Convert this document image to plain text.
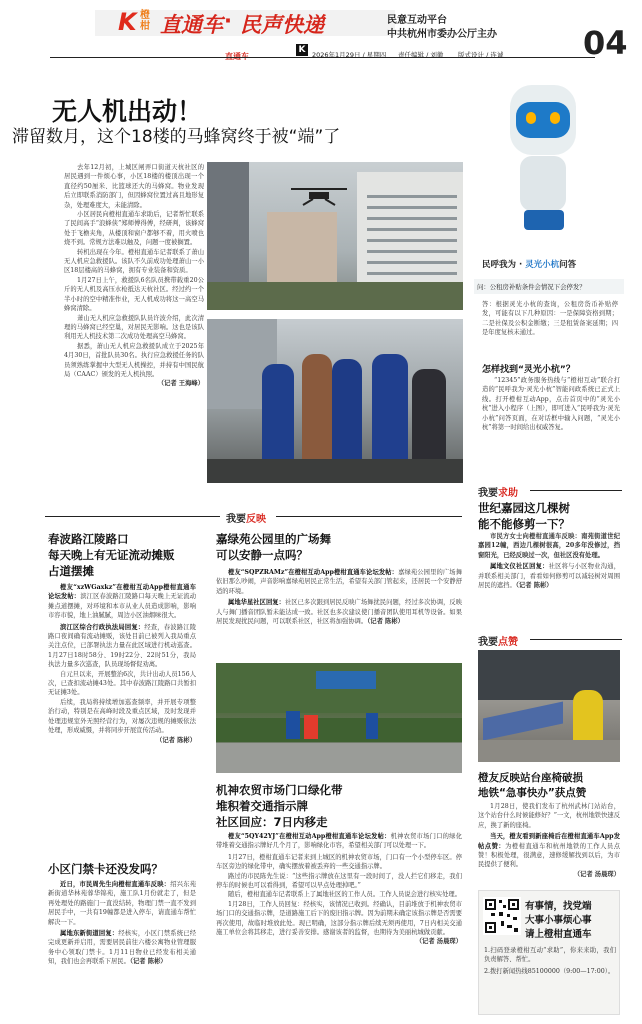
K 橙柑 直通车 · 民声快递	民意互动平台
中共杭州市委办公厅主办
K	2026年1月29日 / 星期四 责任编辑 / 刘徽 版式设计 / 连诚 04
无人机出动！
滞留数月，这个18楼的马蜂窝终于被“端”了

去年12月初，上城区闸弄口街道天杭社区的居民遇到一件烦心事，小区18楼的楼顶出现一个直径约50厘米、比篮球还大的马蜂窝。物业发现后立即联系消防部门，但因蜂窝位置过高且地形复杂，处理难度大，未能清除。

小区居民向橙柑直通车求助后，记者帮忙联系了民间高手“浪蜂侠”郑师傅得傅，经研判，该蜂窝处于飞檐夹角，从楼顶和窗户都够不着，用火喷也烧不到。常规方法难以触及，问题一度被搁置。

转机出现在今年。橙柑直通车记者联系了萧山无人机应急救援队。该队不久前成功处理萧山一小区18层楼高的马蜂窝，拥有专业装备和资质。

1月27日上午，救援队6名队员携带载重20公斤的无人机及高压水枪抵达天杭社区。经过约一个半小时的空中精准作业，无人机成功将这一高空马蜂窝清除。

萧山无人机应急救援队队员许波介绍，此次清理的马蜂窝已经空巢，对居民无影响。这也是该队利用无人机技术第二次成功处理高空马蜂窝。

据悉，萧山无人机应急救援队成立于2025年4月30日，首批队员30名。执行应急救援任务的队员须熟练掌握中大型无人机操控，并持有中国民航局（CAAC）颁发的无人机执照。

（记者 王海峰）

民呼我为 · 灵光小杭问答
问：公租房补贴条件会情况下会停发？
答：根据灵光小杭的查询，公租房货币补贴停发，可能有以下几种原因：一是保障资格到期；二是社保及公积金断缴；三是租赁备案延期；四是年度复核未通过。
怎样找到“灵光小杭”？
“12345”政务服务热线与“橙柑互动”联合打造的“民呼我为·灵光小杭”智能问政系统已正式上线。打开橙柑互动App，点击首页中的“灵光小杭”进入小程序（上图），即可进入“民呼我为·灵光小杭”问答页面，在对话框中输入问题，“灵光小杭”将第一时间给出权威答复。
我要反映
我要求助
我要点赞
世纪嘉园这几棵树
能不能修剪一下？

市民方女士向橙柑直通车反映：南苑街道世纪嘉园12幢，西边几棵树很高，20多年没修过，挡窗阳光，已经反映过一次，但社区没有处理。

属地文仪社区回复：社区将与小区物业沟通，并联系相关部门，看看如何修剪可以减轻树对周围居民的遮挡。（记者 陈彬）

春波路江陵路口
每天晚上有无证流动摊贩
占道摆摊

橙友“xzWGaxkz”在橙柑互动App橙柑直通车论坛发帖：滨江区春波路江陵路口每天晚上无证流动摊点道摆摊，对环境和本市从业人员造成影响，影响市容市貌，地上油腻腻，周边小区油烟味很大。

滨江区综合行政执法局回复：经查，春波路江陵路口夜间确有流动摊贩，该处目前已被列入我局重点关注点位，已部署执法力量在此区域进行机动巡查。1月27日18时58分、19时22分、22时51分，我局执法力量多次巡查，队员现场督促劝离。

自元旦以来，开展整治6次，共计出动人员156人次，已查扣流动摊43处。其中春波路江陵路口共暂扣无证摊3处。

后续，我局将持续增加巡查频率，并开展专项整治行动，特别是在高峰时段及重点区域，及时发现并处理违规室外无照经营行为，对屡次违规的摊贩依法处理，形成威慑，并将同步开展宣传活动。

（记者 陈彬）

小区门禁卡还没发吗？

近日，市民周先生向橙柑直通车反映：绍兴东苑新街道华林苑蓉华锦苑，施工队1月份就走了，但是再处理处的路施门一直没结转，物理门禁一直不发到居民手中，一共有19幢都是进入停车，请直通车帮忙解决一下。

属地东新街道回复：经核实，小区门禁系统已经完成更新并启用，需要居民前往六楼公寓物业管理服务中心领取门禁卡。1月11日物业已经发布相关通知，我们也会再联系下居民。（记者 陈彬）

嘉绿苑公园里的广场舞
可以安静一点吗？

橙友“SQPZRAMz”在橙柑互动App橙柑直通车论坛发帖：嘉绿苑公园里的广场舞依旧那么吵闹，声音影响嘉绿苑居民正常生活，希望有关部门管起来，还居民一个安静舒适的环境。

属地华星社区回复：社区已多次跟到居民反映广场舞扰民问题，经过多次协调，反映人与舞门播音团队暂未能达成一致。社区也多次建议使门播音团队使用耳机等设备。如果居民发现扰民问题，可以联系社区，社区将加强协调。（记者 陈彬）

机神农贸市场门口绿化带
堆积着交通指示牌
社区回应：7日内移走

橙友“5QY42YJ”在橙柑互动App橙柑直通车论坛发帖：机神农贸市场门口的绿化带堆着交通指示牌好几个月了，影响绿化市容，希望相关部门可以处理一下。

1月27日，橙柑直通车记者来到上城区的机神农贸市场，门口有一个小型停车区。停车区旁边的绿化带中，确实摆放着被丢弃的一些交通指示牌。

路过的市民陈先生说：“这些指示牌放在这里有一段时间了，没人拦它们移走，我们停车的时候也可以看得到，希望可以早点处理掉吧。”

随后，橙柑直通车记者联系上了属地社区的工作人员。工作人员说会进行核实处理。

1月28日，工作人员回复：经核实，该情况已收到。经确认，目前堆放于机神农贸市场门口的交通指示牌，是道路施工后下的废旧指示牌。因为前期未确定该指示牌是否需要再次使用，故临时堆放此处。现已明确，这部分指示牌后续无须再使用，7日内相关交通施工单位会将其移走，进行妥善安排。感谢该者的监督，也期待为美丽杭城做贡献。

（记者 汤晨琛）

橙友反映站台座椅破损
地铁“急事快办”获点赞

1月28日，使我们发布了杭州武林门站站台，这个站台什么时候能修好？”一文，杭州地铁快速反应，换了新的座椅。

当天，橙友看到新座椅后在橙柑直通车App发帖点赞：为橙柑直通车和杭州地铁的工作人员点赞！积极处理，很满意，速修缓解找到以后，为市民提供了便利。

（记者 汤晨琛）

有事情，找党端
大事小事烦心事
请上橙柑直通车
1.扫码登录橙柑互动“求助”，你来来助，我们负责解答、帮忙。
2.拨打新闻热线85100000（9:00—17:00）。
